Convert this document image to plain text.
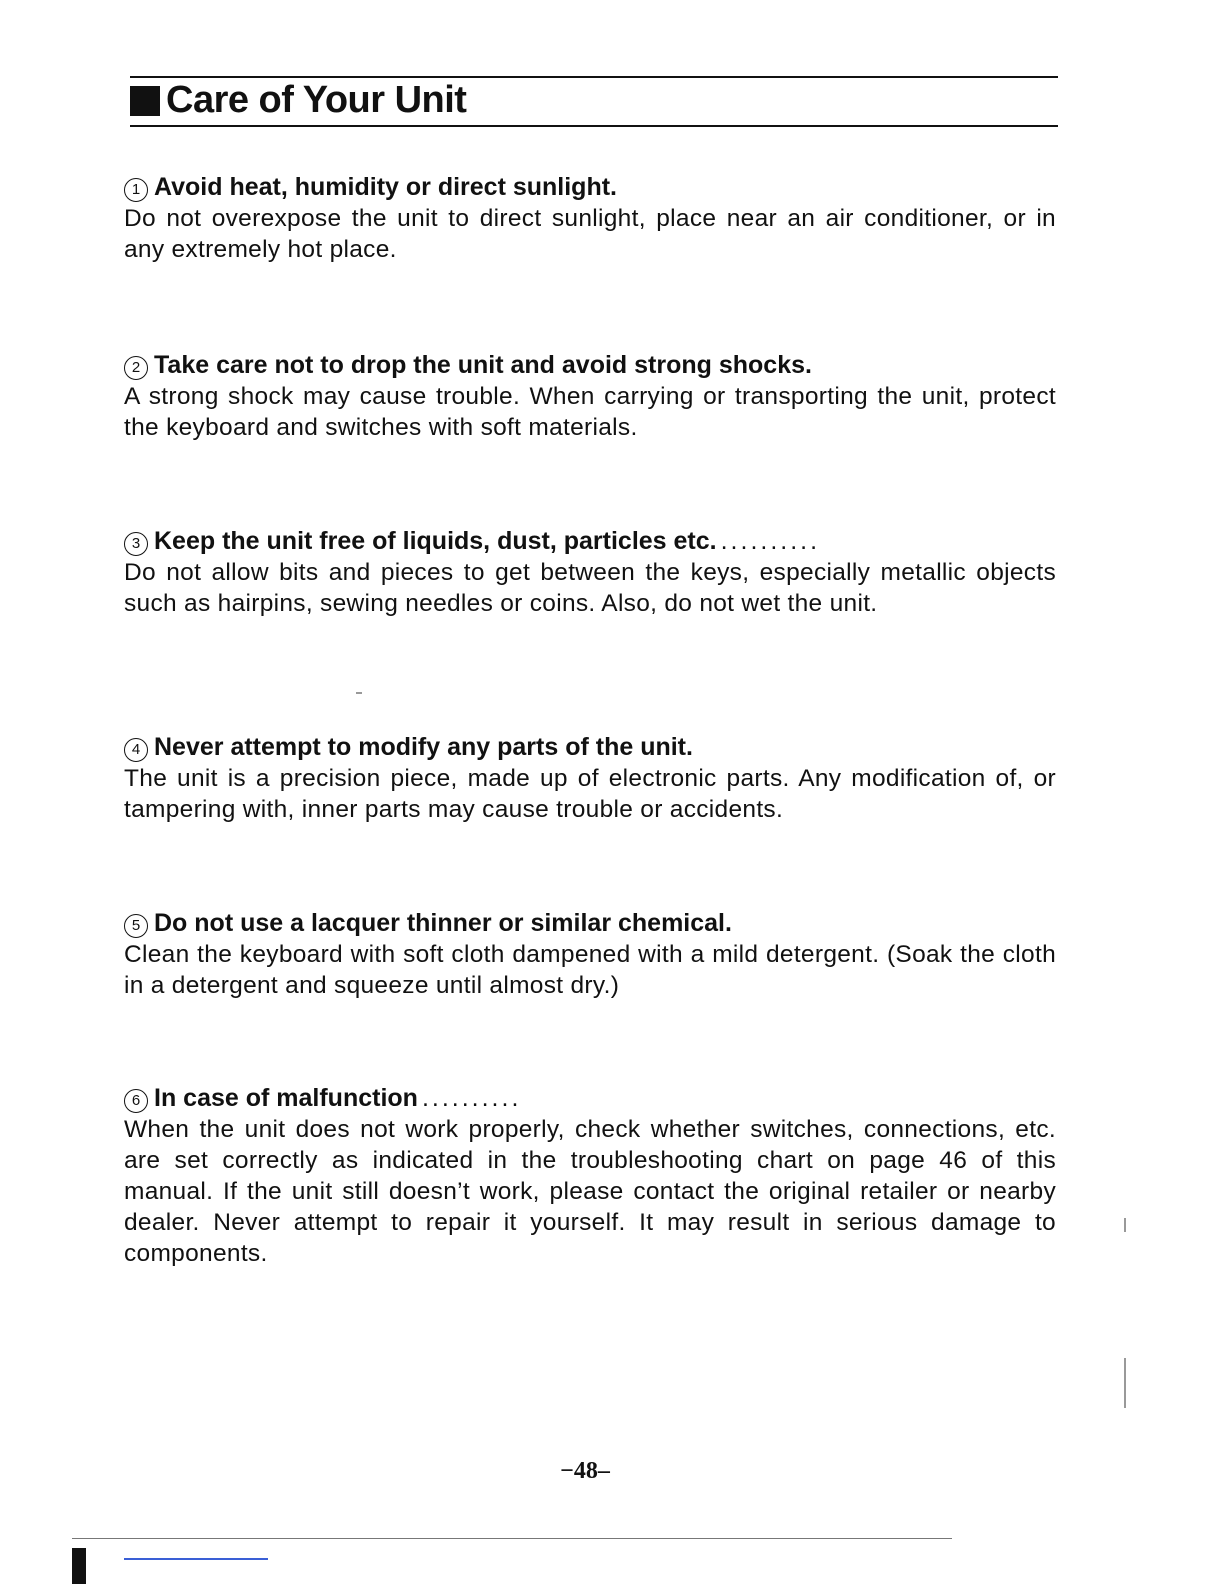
Care of Your Unit
1 Avoid heat, humidity or direct sunlight.
Do not overexpose the unit to direct sunlight, place near an air conditioner, or in any extremely hot place.
2 Take care not to drop the unit and avoid strong shocks.
A strong shock may cause trouble. When carrying or transporting the unit, protect the keyboard and switches with soft materials.
3 Keep the unit free of liquids, dust, particles etc. ..........
Do not allow bits and pieces to get between the keys, especially metallic objects such as hairpins, sewing needles or coins. Also, do not wet the unit.
4 Never attempt to modify any parts of the unit.
The unit is a precision piece, made up of electronic parts. Any modification of, or tampering with, inner parts may cause trouble or accidents.
5 Do not use a lacquer thinner or similar chemical.
Clean the keyboard with soft cloth dampened with a mild detergent. (Soak the cloth in a detergent and squeeze until almost dry.)
6 In case of malfunction ..........
When the unit does not work properly, check whether switches, connections, etc. are set correctly as indicated in the troubleshooting chart on page 46 of this manual. If the unit still doesn’t work, please contact the original retailer or nearby dealer. Never attempt to repair it yourself. It may result in serious damage to components.
−48–
